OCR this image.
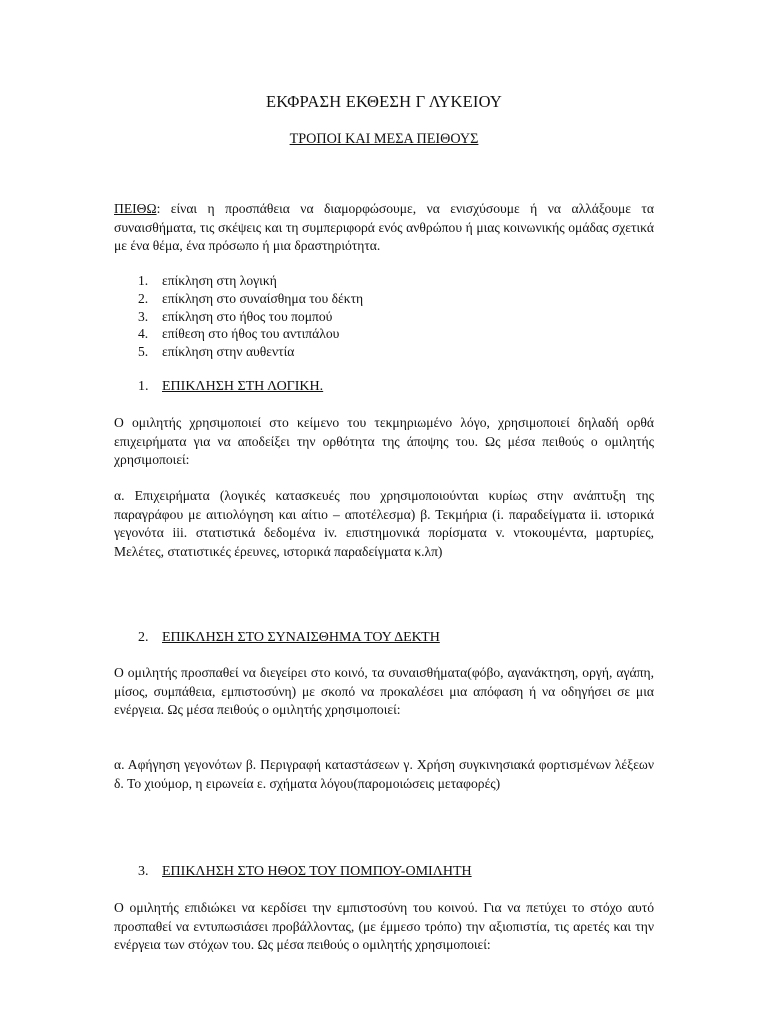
ΕΚΦΡΑΣΗ ΕΚΘΕΣΗ Γ ΛΥΚΕΙΟΥ
ΤΡΟΠΟΙ ΚΑΙ ΜΕΣΑ ΠΕΙΘΟΥΣ
ΠΕΙΘΩ: είναι η προσπάθεια να διαμορφώσουμε, να ενισχύσουμε ή να αλλάξουμε τα συναισθήματα, τις σκέψεις και τη συμπεριφορά ενός ανθρώπου ή μιας κοινωνικής ομάδας σχετικά με ένα θέμα, ένα πρόσωπο ή μια δραστηριότητα.
1. επίκληση στη λογική
2. επίκληση στο συναίσθημα του δέκτη
3. επίκληση στο ήθος του πομπού
4. επίθεση στο ήθος του αντιπάλου
5. επίκληση στην αυθεντία
1. ΕΠΙΚΛΗΣΗ ΣΤΗ ΛΟΓΙΚΗ.
Ο ομιλητής χρησιμοποιεί στο κείμενο του τεκμηριωμένο λόγο, χρησιμοποιεί δηλαδή ορθά επιχειρήματα για να αποδείξει την ορθότητα της άποψης του. Ως μέσα πειθούς ο ομιλητής χρησιμοποιεί:
α. Επιχειρήματα (λογικές κατασκευές που χρησιμοποιούνται κυρίως στην ανάπτυξη της παραγράφου με αιτιολόγηση και αίτιο – αποτέλεσμα) β. Τεκμήρια (i. παραδείγματα ii. ιστορικά γεγονότα iii. στατιστικά δεδομένα iv. επιστημονικά πορίσματα v. ντοκουμέντα, μαρτυρίες, Μελέτες, στατιστικές έρευνες, ιστορικά παραδείγματα κ.λπ)
2. ΕΠΙΚΛΗΣΗ ΣΤΟ ΣΥΝΑΙΣΘΗΜΑ ΤΟΥ ΔΕΚΤΗ
Ο ομιλητής προσπαθεί να διεγείρει στο κοινό, τα συναισθήματα(φόβο, αγανάκτηση, οργή, αγάπη, μίσος, συμπάθεια, εμπιστοσύνη) με σκοπό να προκαλέσει μια απόφαση ή να οδηγήσει σε μια ενέργεια. Ως μέσα πειθούς ο ομιλητής χρησιμοποιεί:
α. Αφήγηση γεγονότων β. Περιγραφή καταστάσεων γ. Χρήση συγκινησιακά φορτισμένων λέξεων δ. Το χιούμορ, η ειρωνεία ε. σχήματα λόγου(παρομοιώσεις μεταφορές)
3. ΕΠΙΚΛΗΣΗ ΣΤΟ ΗΘΟΣ ΤΟΥ ΠΟΜΠΟΥ-ΟΜΙΛΗΤΗ
Ο ομιλητής επιδιώκει να κερδίσει την εμπιστοσύνη του κοινού. Για να πετύχει το στόχο αυτό προσπαθεί να εντυπωσιάσει προβάλλοντας, (με έμμεσο τρόπο) την αξιοπιστία, τις αρετές και την ενέργεια των στόχων του. Ως μέσα πειθούς ο ομιλητής χρησιμοποιεί:
